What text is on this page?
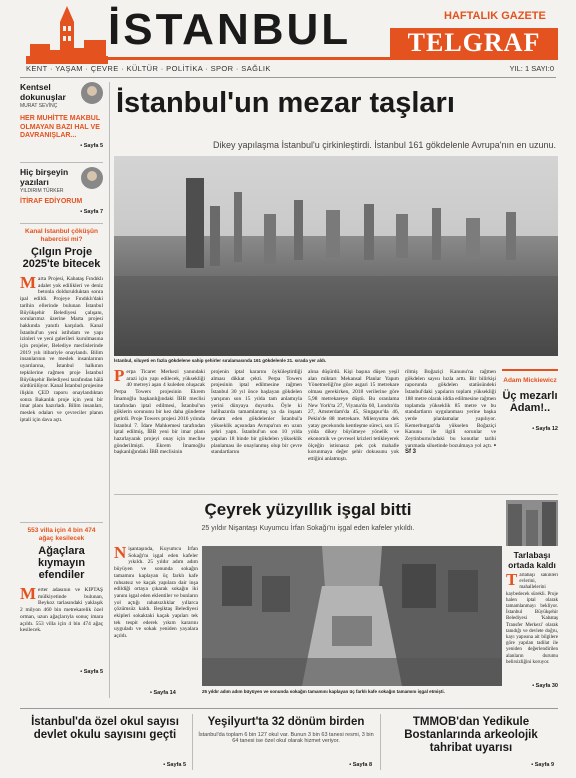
İSTANBUL	HAFTALIK GAZETE
TELGRAF
KENT · YAŞAM · ÇEVRE · KÜLTÜR · POLİTİKA · SPOR · SAĞLIK	YIL: 1 SAYI:0
Kentsel dokunuşlar
MURAT SEVİNÇ
HER MUHİTTE MAKBUL OLMAYAN BAZI HAL VE DAVRANIŞLAR...
• Sayfa 5
Hiç birşeyin yazıları
YILDIRIM TÜRKER
İTİRAF EDİYORUM
• Sayfa 7
Kanal İstanbul çöküşün habercisi mi?
Çılgın Proje 2025'te bitecek
Marta Projesi, Kabataş Fındıklı adalet yok edilikleri ve deniz betonla doldurulduktan sonra ipal edildi. Projeye Fındıklı'daki tarihin ellerinde bulunan İstanbul Büyükşehir Belediyesi çalışanı, sorularımız üzerine Marta projesi hakkında yanıtlı karşıladı. Kanal İstanbul'un yeni istihdam ve yapı izinleri ve yeni galerileri kurulmasına için projeler, Belediye meclislerinde 2019 yılı itibariyle onaylandı. Bilim insanlarının ve meslek insanlarının uyarılarına, İstanbul halkının tepkilerine rağmen proje İstanbul Büyükşehir Belediyesi tarafından hâlâ sürdürülüyor. Kanal İstanbul projesine ilişkin ÇED raporu onaylandıktan sonra Bakanlık proje için yeni bir imar planı hazırladı. Bilim insanları, meslek odaları ve çevreciler planın iptali için dava açtı.
553 villa için 4 bin 474 ağaç kesilecek
Ağaçlara kıymayın efendiler
Merter adasının ve KİPTAŞ mülkiyetinde bulunan, Beykoz tarlasındaki yaklaşık 2 milyon 460 bin metrekarelik özel orman, uzun ağaçlarıyla sonuç imara açıldı. 553 villa için 4 bin 474 ağaç kesilecek.
• Sayfa 5
İstanbul'un mezar taşları
Dikey yapılaşma İstanbul'u çirkinleştirdi. İstanbul 161 gökdelenle Avrupa'nın en uzunu.
İstanbul, siluyeti en fazla gökdelene sahip şehirler sıralamasında 161 gökdelenle 21. sırada yer aldı.
Perpa Ticaret Merkezi yanındaki arazi için yapı edilecek, yüksekliği 40 metreyi aşan 4 kuleden oluşacak Perpa Towers projesinin Ekrem İmamoğlu başkanlığındaki İBB meclisi tarafından iptal edilmesi, İstanbul'un göklerin sorununu bir kez daha gündeme getirdi. Proje Towers projesi 2016 yılında İstanbul 7. İdare Mahkemesi tarafından iptal edilmiş, İBB yeni bir imar planı hazırlayarak projeyi onay için meclise gönderilmişti. Ekrem İmamoğlu başkanlığındaki İBB meclisinin
projenin iptal kararını öyküleştirdiği alması dikkat çekti. Perpa Towers projesinin iptal edilmesine rağmen İstanbul 30 yıl önce başlayan gökdelen yarışının son 15 yılda tam anlamıyla yerini dünyaya duyurdu. Öyle ki halihazırda tamamlanmış ya da inşaatı devam eden gökdelenler İstanbul'a yükseklik açısından Avrupa'nın en uzun şehri yaptı. İstanbul'un son 10 yılda yapılan 18 binde bir gökdelen yükseklik planlaması ile onaylanmış olup bir çevre standartlarını
alına düşürdü. Kişi başına düşen yeşil alan miktarı Mekansal Planlar Yapım Yönetmeliği'ne göre asgari 15 metrekare olması gerekirken, 2018 verilerine göre 5,98 metrekareye düştü. Bu oranlama New York'ta 27, Viyana'da 60, Londra'da 27, Amsterdam'da 45, Singapur'da 46, Pekin'de 88 metrekare. Milenyumu dek yatay gecekondu kentleşme süreci, son 15 yılda dikey büyümeye yönelik ve ekonomik ve çevresel krizleri tetikleyerek ölçeğin istisnasız pek çok mahalle korunmaya değer şehir dokusunu yok ettiğini anlatmıştı.
rilmiş Boğaziçi Kanunu'na rağmen gökdelen sayısı hızla arttı. Bir bilirkişi raporunda gökdelen statüsündeki İstanbul'daki yapıların toplam yüksekliği 188 metre olarak iddia edilmesine rağmen toplamda yükseklik 85 metre ve bu standartların uygulanması yerine başka yerde planlamalar yapılıyor. Kemerburgaz'da yükselen Boğaziçi Kanunu ile ilgili sorunlar ve Zeytinburnu'ndaki bu konutlar tarihi yarımada siluetinde bozulmaya yol açtı. • Sf 3
Adam Mickiewicz
Üç mezarlı Adam!..
• Sayfa 12
Çeyrek yüzyıllık işgal bitti
25 yıldır Nişantaşı Kuyumcu İrfan Sokağı'nı işgal eden kafeler yıkıldı.
Nişantaşında, Kuyumcu İrfan Sokağı'nı işgal eden kafeler yıkıldı. 25 yıldır adım adım büyüyen ve sonunda sokağın tamamını kaplayan üç farklı kafe ruhsatsız ve kaçak yapılara dair inşa edildiği ortaya çıkarak sokağın iki yanını işgal eden eklentiler ve bunların yol açtığı rahatsızlıklar yıllarca çözümsüz kaldı. Beşiktaş Belediyesi ekipleri sokaktaki kaçak yapıları tek tek tespit ederek yıkım kararını uyguladı ve sokak yeniden yayalara açıldı.
• Sayfa 14	25 yıldır adım adım büyüyen ve sonunda sokağın tamamını kaplayan üç farklı kafe sokağın tamamını işgal etmişti.
Tarlabaşı ortada kaldı
Tarlabaşı sakinleri evlerini, mahallelerini kaybedecek sürekli. Proje halen iptal olarak tamamlanmayı bekliyor. İstanbul Büyükşehir Belediyesi 'Kabataş Transfer Merkezi' olarak tanıdığı ve devlete doğru, kayı yapısına ait bilgilere göre yapılan tadilat ile yeniden değerlendirilen alanların durumu belirsizliğini koruyor.
• Sayfa 30
İstanbul'da özel okul sayısı devlet okulu sayısını geçti
• Sayfa 5
Yeşilyurt'ta 32 dönüm birden
İstanbul'da toplam 6 bin 127 okul var. Bunun 3 bin 63 tanesi resmi, 3 bin 64 tanesi ise özel okul olarak hizmet veriyor.
• Sayfa 8
TMMOB'dan Yedikule Bostanlarında arkeolojik tahribat uyarısı
• Sayfa 9
